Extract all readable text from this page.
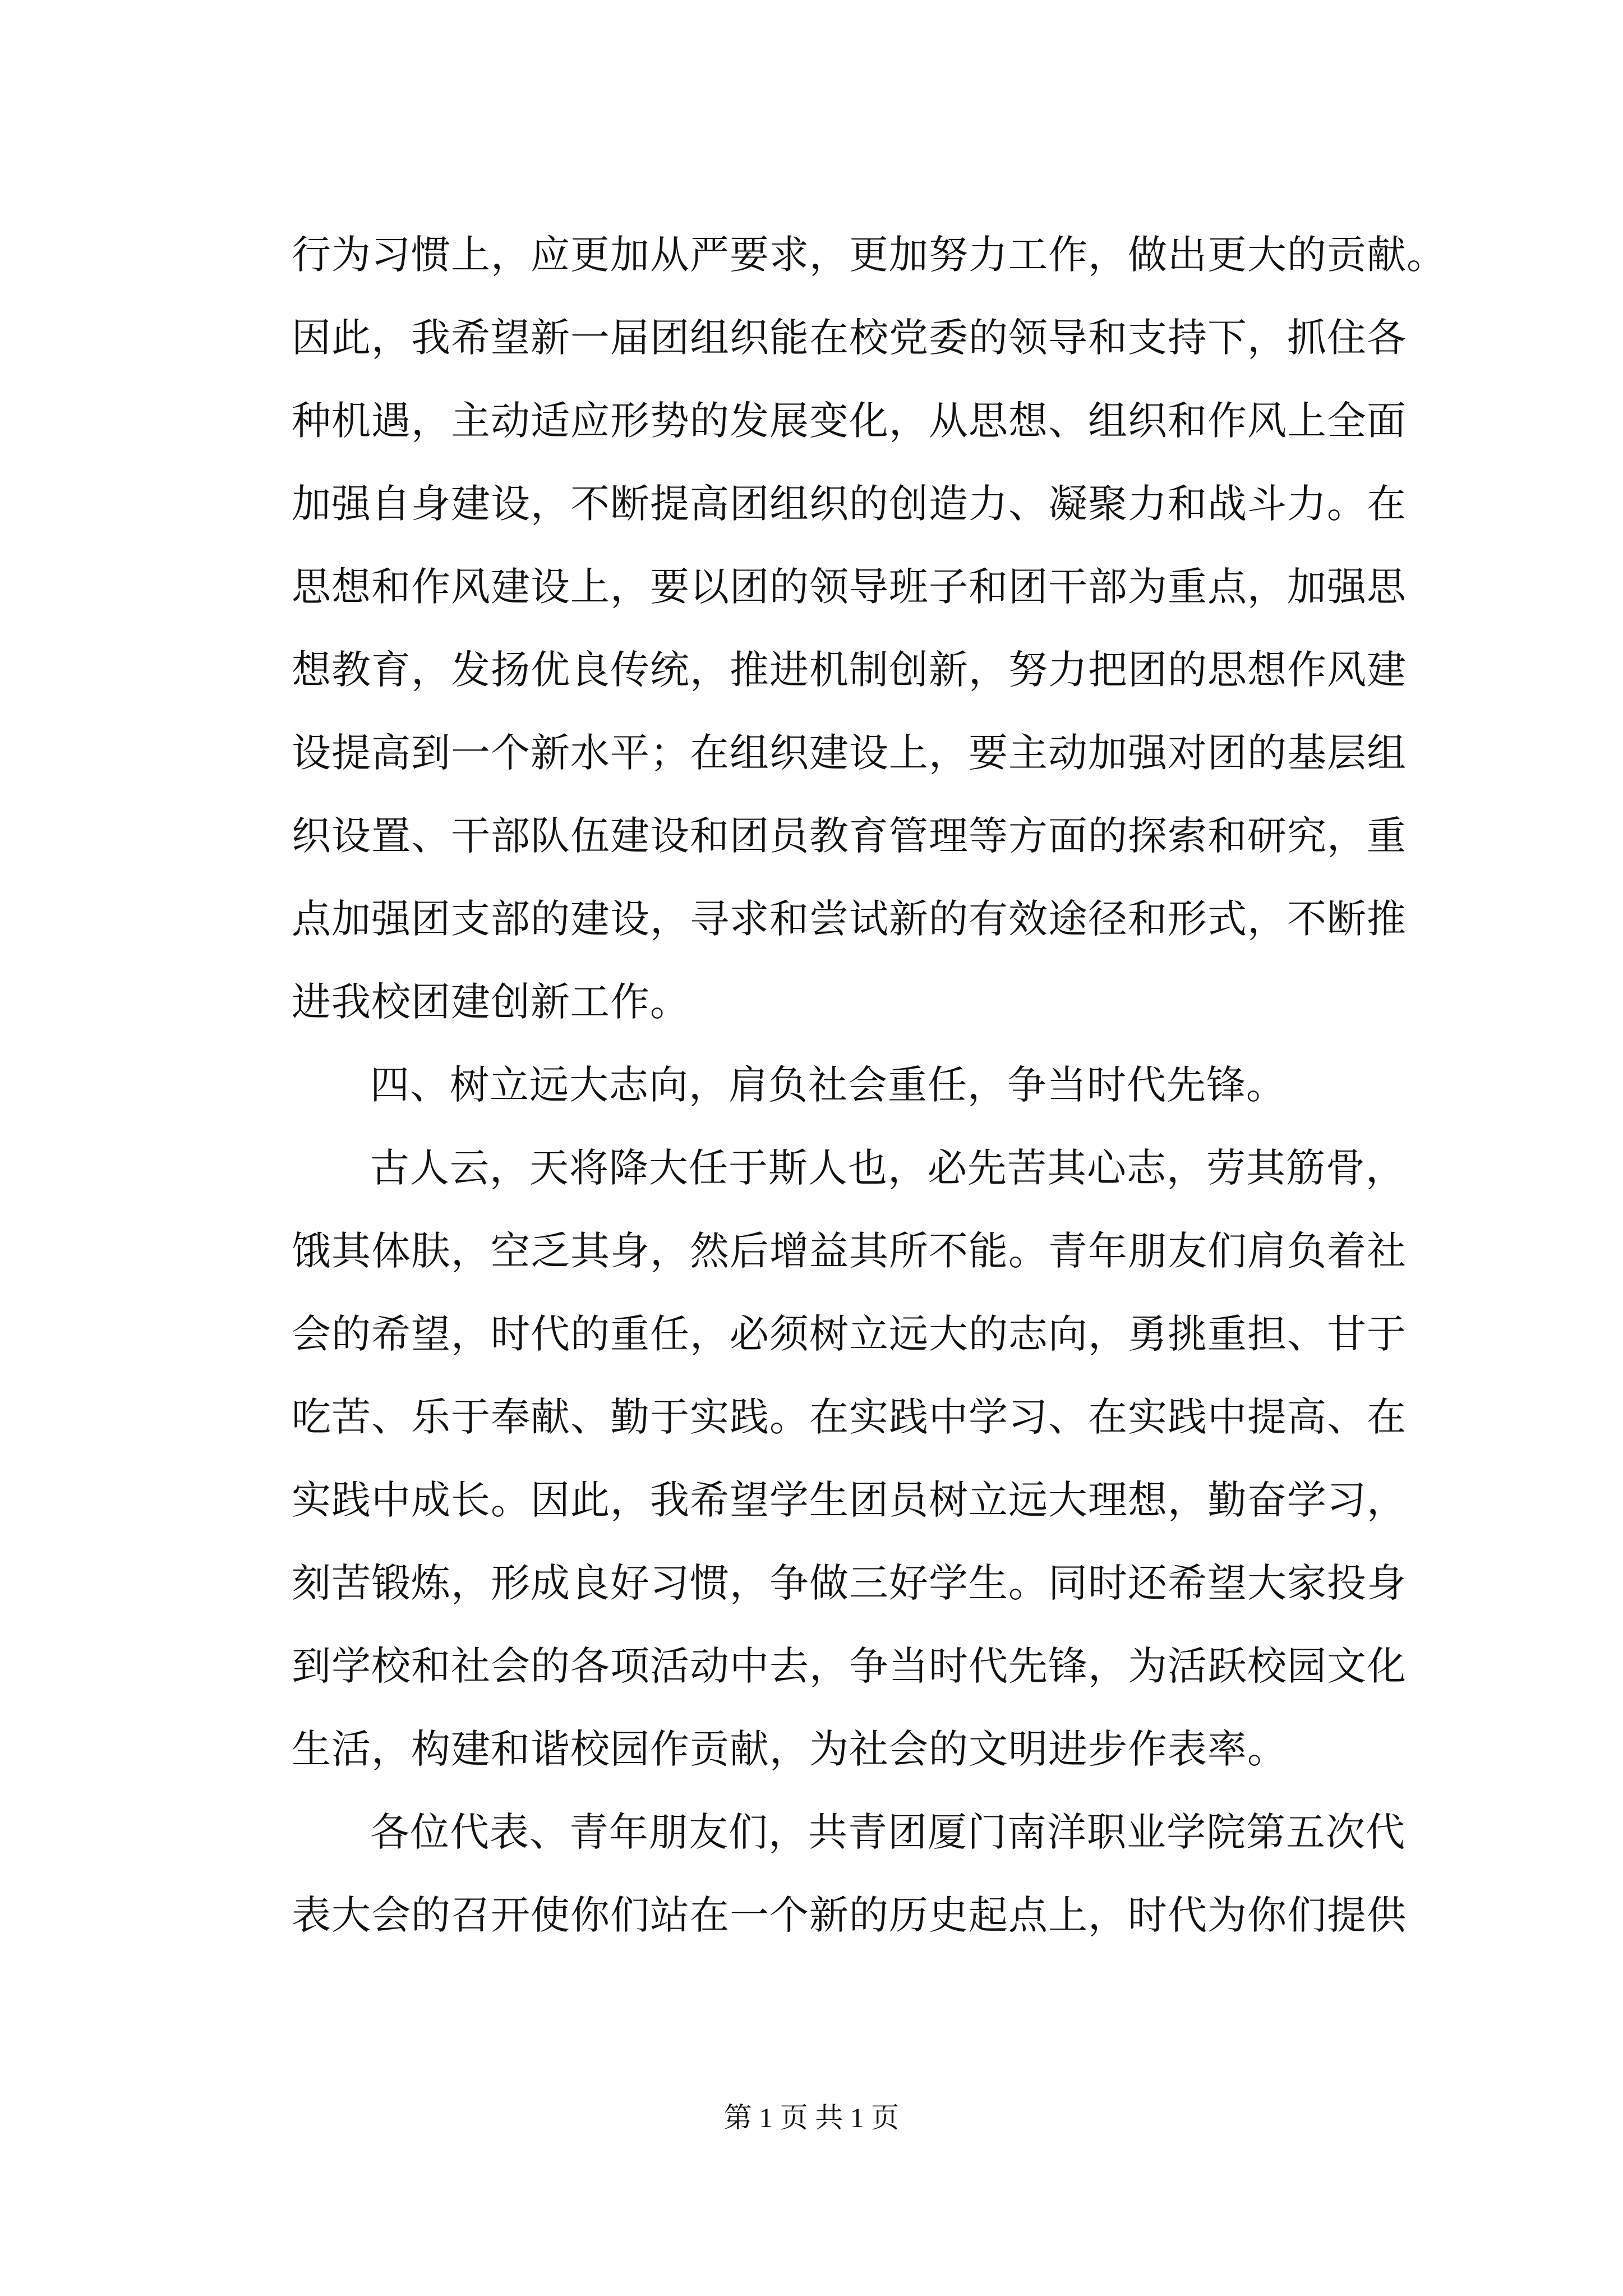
行为习惯上，应更加从严要求，更加努力工作，做出更大的贡献。
因此，我希望新一届团组织能在校党委的领导和支持下，抓住各
种机遇，主动适应形势的发展变化，从思想、组织和作风上全面
加强自身建设，不断提高团组织的创造力、凝聚力和战斗力。在
思想和作风建设上，要以团的领导班子和团干部为重点，加强思
想教育，发扬优良传统，推进机制创新，努力把团的思想作风建
设提高到一个新水平；在组织建设上，要主动加强对团的基层组
织设置、干部队伍建设和团员教育管理等方面的探索和研究，重
点加强团支部的建设，寻求和尝试新的有效途径和形式，不断推
进我校团建创新工作。
四、树立远大志向，肩负社会重任，争当时代先锋。
古人云，天将降大任于斯人也，必先苦其心志，劳其筋骨，
饿其体肤，空乏其身，然后增益其所不能。青年朋友们肩负着社
会的希望，时代的重任，必须树立远大的志向，勇挑重担、甘于
吃苦、乐于奉献、勤于实践。在实践中学习、在实践中提高、在
实践中成长。因此，我希望学生团员树立远大理想，勤奋学习，
刻苦锻炼，形成良好习惯，争做三好学生。同时还希望大家投身
到学校和社会的各项活动中去，争当时代先锋，为活跃校园文化
生活，构建和谐校园作贡献，为社会的文明进步作表率。
各位代表、青年朋友们，共青团厦门南洋职业学院第五次代
表大会的召开使你们站在一个新的历史起点上，时代为你们提供
第 1 页 共 1 页
